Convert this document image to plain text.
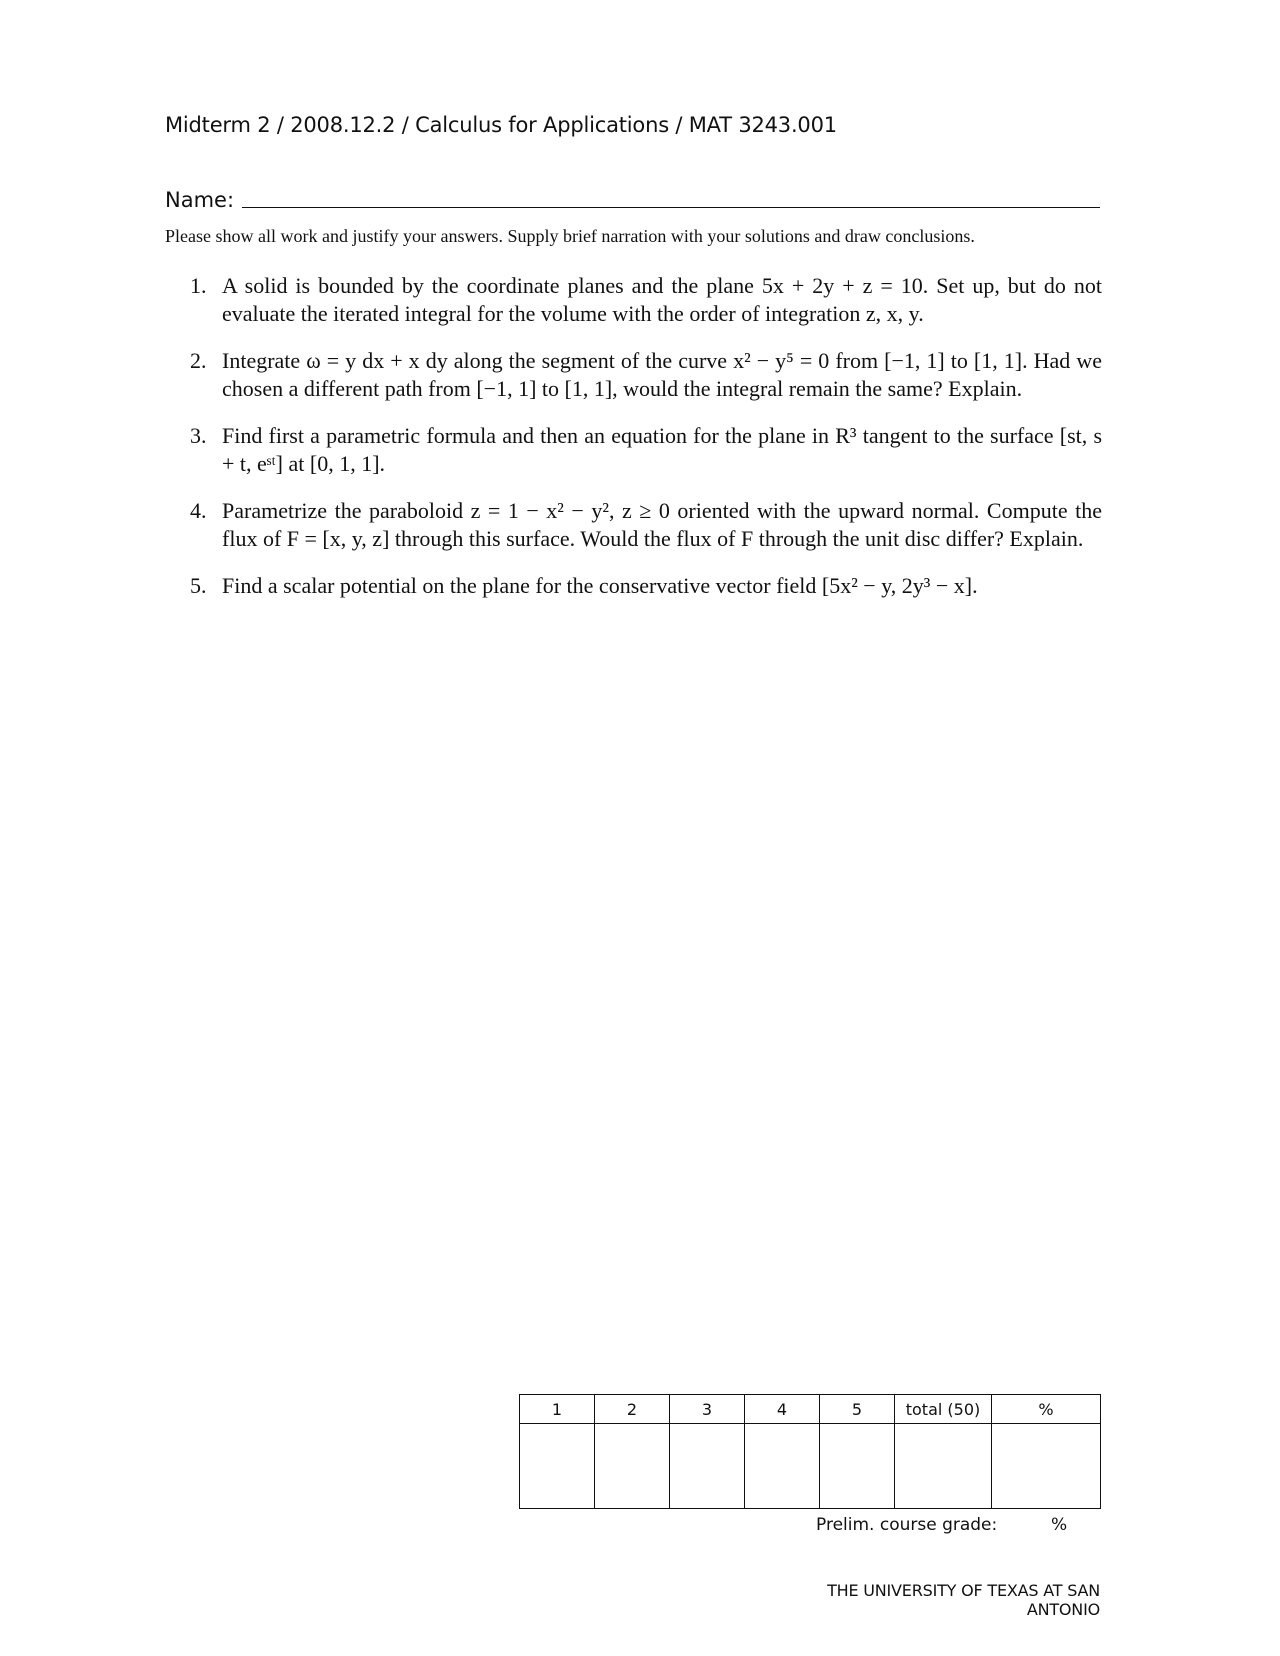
Midterm 2 / 2008.12.2 / Calculus for Applications / MAT 3243.001
Name:
Please show all work and justify your answers. Supply brief narration with your solutions and draw conclusions.
1. A solid is bounded by the coordinate planes and the plane 5x + 2y + z = 10. Set up, but do not evaluate the iterated integral for the volume with the order of integration z, x, y.
2. Integrate ω = y dx + x dy along the segment of the curve x² − y⁵ = 0 from [−1, 1] to [1, 1]. Had we chosen a different path from [−1, 1] to [1, 1], would the integral remain the same? Explain.
3. Find first a parametric formula and then an equation for the plane in R³ tangent to the surface [st, s + t, eˢᵗ] at [0, 1, 1].
4. Parametrize the paraboloid z = 1 − x² − y², z ≥ 0 oriented with the upward normal. Compute the flux of F = [x, y, z] through this surface. Would the flux of F through the unit disc differ? Explain.
5. Find a scalar potential on the plane for the conservative vector field [5x² − y, 2y³ − x].
1	2	3	4	5	total (50)	%

Prelim. course grade:	%
THE UNIVERSITY OF TEXAS AT SAN ANTONIO
